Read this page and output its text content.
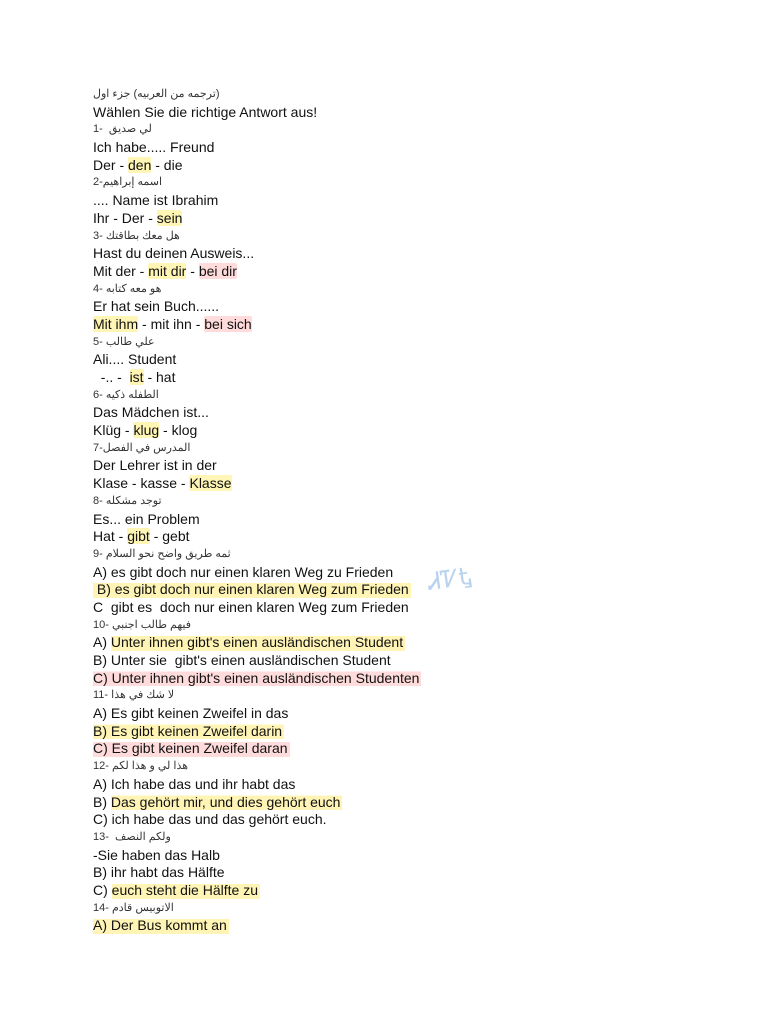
ترجمه من العربيه) جزء اول)
Wählen Sie die richtige Antwort aus!
1-  لي صديق
Ich habe..... Freund
Der - den - die
2-اسمه إبراهيم
.... Name ist Ibrahim
Ihr - Der - sein
3- هل معك بطاقتك
Hast du deinen Ausweis...
Mit der - mit dir - bei dir
4- هو معه كتابه
Er hat sein Buch......
Mit ihm - mit ihn - bei sich
5- علي طالب
Ali.... Student
-.. -  ist - hat
6- الطفله ذكيه
Das Mädchen ist...
Klüg - klug - klog
7-المدرس في الفصل
Der Lehrer ist in der
Klase - kasse - Klasse
8- توجد مشكله
Es... ein Problem
Hat - gibt - gebt
9- ثمه طريق واضح نحو السلام
A) es gibt doch nur einen klaren Weg zu Frieden
B) es gibt doch nur einen klaren Weg zum Frieden
C  gibt es  doch nur einen klaren Weg zum Frieden
10- فيهم طالب اجنبي
A) Unter ihnen gibt's einen ausländischen Student
B) Unter sie  gibt's einen ausländischen Student
C) Unter ihnen gibt's einen ausländischen Studenten
11- لا شك في هذا
A) Es gibt keinen Zweifel in das
B) Es gibt keinen Zweifel darin
C) Es gibt keinen Zweifel daran
12- هذا لي و هذا لكم
A) Ich habe das und ihr habt das
B) Das gehört mir, und dies gehört euch
C) ich habe das und das gehört euch.
13-  ولكم النصف
-Sie haben das Halb
B) ihr habt das Hälfte
C) euch steht die Hälfte zu
14- الاتوبيس قادم
A) Der Bus kommt an
ᏗᏤᎿ
